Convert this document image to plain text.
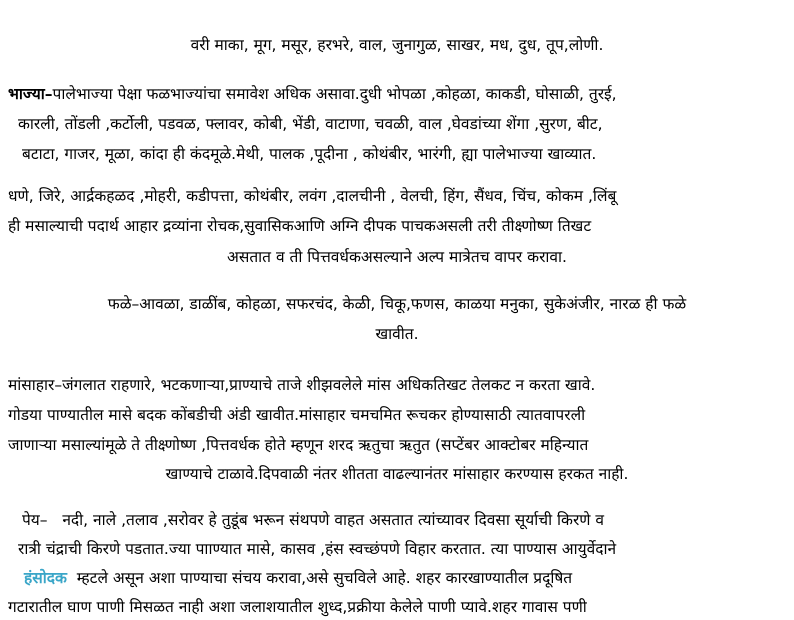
वरी माका, मूग, मसूर, हरभरे, वाल, जुनागुळ, साखर, मध, दुध, तूप,लोणी.
भाज्या–पालेभाज्या पेक्षा फळभाज्यांचा समावेश अधिक असावा.दुधी भोपळा ,कोहळा, काकडी, घोसाळी, तुरई,
कारली, तोंडली ,कर्टोली, पडवळ, फ्लावर, कोबी, भेंडी, वाटाणा, चवळी, वाल ,घेवडांच्या शेंगा ,सुरण, बीट,
बटाटा, गाजर, मूळा, कांदा ही कंदमूळे.मेथी, पालक ,पूदीना , कोथंबीर, भारंगी, ह्या पालेभाज्या खाव्यात.
धणे, जिरे, आर्द्रकहळद ,मोहरी, कडीपत्ता, कोथंबीर, लवंग ,दालचीनी , वेलची, हिंग, सैंधव, चिंच, कोकम ,लिंबू
ही मसाल्याची पदार्थ आहार द्रव्यांना रोचक,सुवासिकआणि अग्नि दीपक पाचकअसली तरी तीक्ष्णोष्ण तिखट
असतात व ती पित्तवर्धकअसल्याने अल्प मात्रेतच वापर करावा.
फळे–आवळा, डाळींब, कोहळा, सफरचंद, केळी, चिकू,फणस, काळया मनुका, सुकेअंजीर, नारळ ही फळे
खावीत.
मांसाहार–जंगलात राहणारे, भटकणाऱ्या,प्राण्याचे ताजे शीझवलेले मांस अधिकतिखट तेलकट न करता खावे.
गोडया पाण्यातील मासे बदक कोंबडीची अंडी खावीत.मांसाहार चमचमित रूचकर होण्यासाठी त्यातवापरली
जाणाऱ्या मसाल्यांमूळे ते तीक्ष्णोष्ण ,पित्तवर्धक होते म्हणून शरद ऋतुचा ऋतुत (सप्टेंबर आक्टोबर महिन्यात
खाण्याचे टाळावे.दिपवाळी नंतर शीतता वाढल्यानंतर मांसाहार करण्यास हरकत नाही.
पेय– नदी, नाले ,तलाव ,सरोवर हे तुडूंब भरून संथपणे वाहत असतात त्यांच्यावर दिवसा सूर्याची किरणे व
रात्री चंद्राची किरणे पडतात.ज्या पााण्यात मासे, कासव ,हंस स्वच्छंपणे विहार करतात. त्या पाण्यास आयुर्वेदाने
हंसोदक म्हटले असून अशा पाण्याचा संचय करावा,असे सुचविले आहे. शहर कारखाण्यातील प्रदूषित
गटारातील घाण पाणी मिसळत नाही अशा जलाशयातील शुध्द,प्रक्रीया केलेले पाणी प्यावे.शहर गावास पणी
